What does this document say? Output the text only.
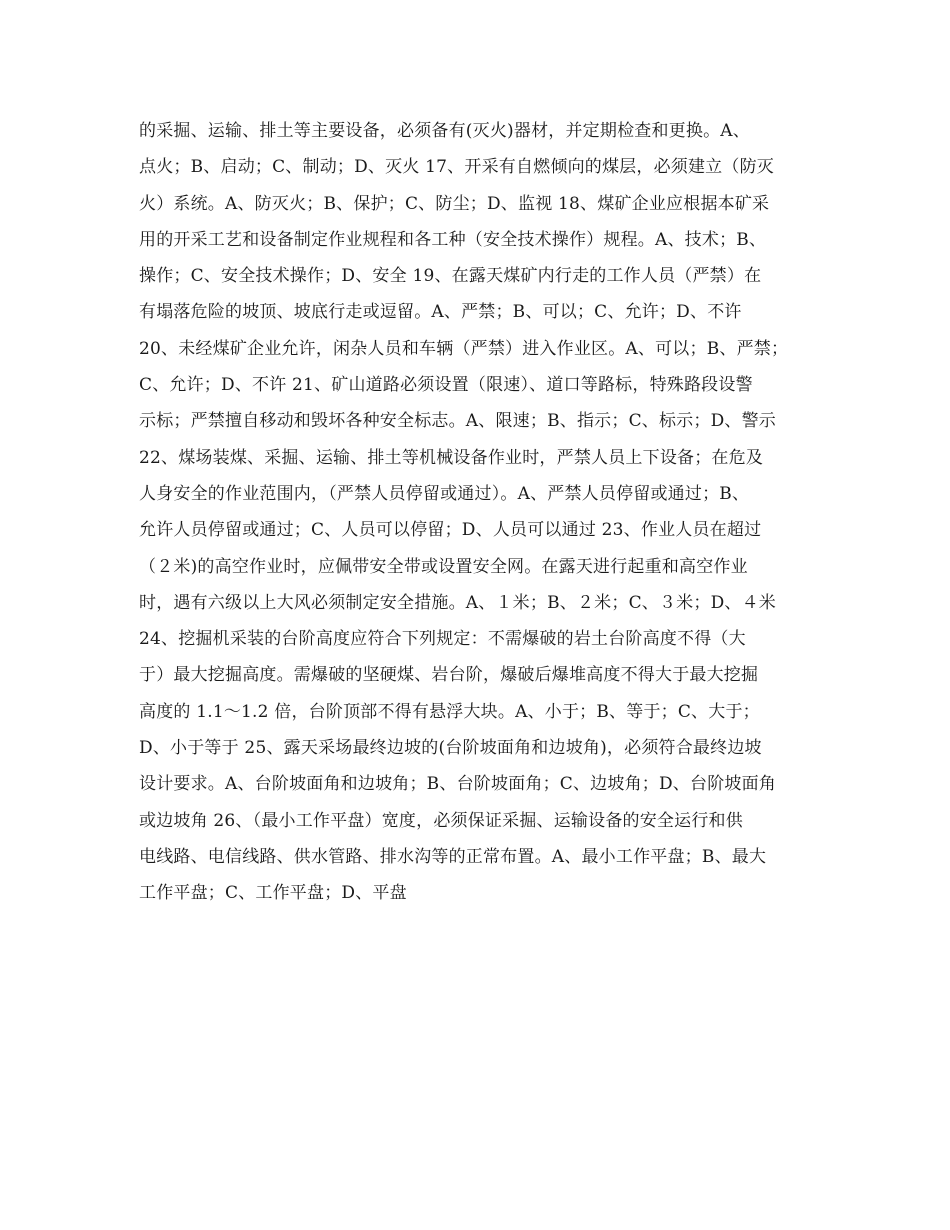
的采掘、运输、排土等主要设备，必须备有(灭火)器材，并定期检查和更换。A、
点火；B、启动；C、制动；D、灭火 17、开采有自燃倾向的煤层，必须建立（防灭
火）系统。A、防灭火；B、保护；C、防尘；D、监视 18、煤矿企业应根据本矿采
用的开采工艺和设备制定作业规程和各工种（安全技术操作）规程。A、技术；B、
操作；C、安全技术操作；D、安全 19、在露天煤矿内行走的工作人员（严禁）在
有塌落危险的坡顶、坡底行走或逗留。A、严禁；B、可以；C、允许；D、不许
20、未经煤矿企业允许，闲杂人员和车辆（严禁）进入作业区。A、可以；B、严禁；
C、允许；D、不许 21、矿山道路必须设置（限速）、道口等路标，特殊路段设警
示标；严禁擅自移动和毁坏各种安全标志。A、限速；B、指示；C、标示；D、警示
22、煤场装煤、采掘、运输、排土等机械设备作业时，严禁人员上下设备；在危及
人身安全的作业范围内，（严禁人员停留或通过）。A、严禁人员停留或通过；B、
允许人员停留或通过；C、人员可以停留；D、人员可以通过 23、作业人员在超过
（２米)的高空作业时，应佩带安全带或设置安全网。在露天进行起重和高空作业
时，遇有六级以上大风必须制定安全措施。A、１米；B、２米；C、３米；D、４米
24、挖掘机采装的台阶高度应符合下列规定：不需爆破的岩土台阶高度不得（大
于）最大挖掘高度。需爆破的坚硬煤、岩台阶，爆破后爆堆高度不得大于最大挖掘
高度的 1.1～1.2 倍，台阶顶部不得有悬浮大块。A、小于；B、等于；C、大于；
D、小于等于 25、露天采场最终边坡的(台阶坡面角和边坡角)，必须符合最终边坡
设计要求。A、台阶坡面角和边坡角；B、台阶坡面角；C、边坡角；D、台阶坡面角
或边坡角 26、（最小工作平盘）宽度，必须保证采掘、运输设备的安全运行和供
电线路、电信线路、供水管路、排水沟等的正常布置。A、最小工作平盘；B、最大
工作平盘；C、工作平盘；D、平盘
